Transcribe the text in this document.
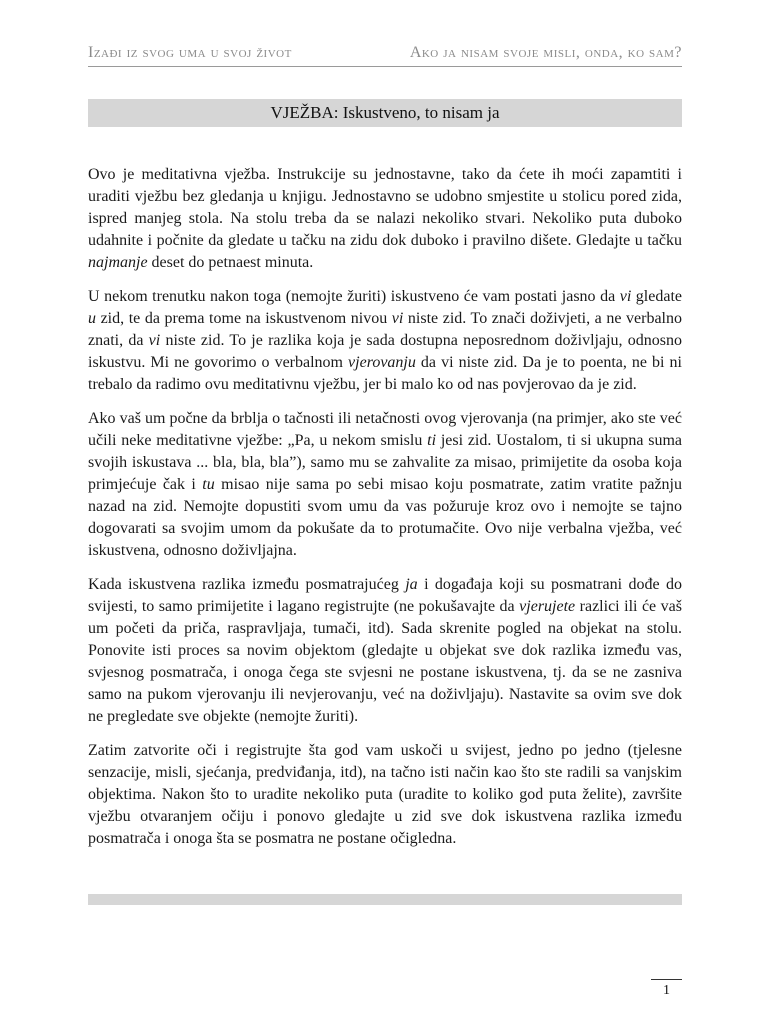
Izađi iz svog uma u svoj život	Ako ja nisam svoje misli, onda, ko sam?
VJEŽBA: Iskustveno, to nisam ja

Ovo je meditativna vježba. Instrukcije su jednostavne, tako da ćete ih moći zapamtiti i uraditi vježbu bez gledanja u knjigu. Jednostavno se udobno smjestite u stolicu pored zida, ispred manjeg stola. Na stolu treba da se nalazi nekoliko stvari. Nekoliko puta duboko udahnite i počnite da gledate u tačku na zidu dok duboko i pravilno dišete. Gledajte u tačku najmanje deset do petnaest minuta.

U nekom trenutku nakon toga (nemojte žuriti) iskustveno će vam postati jasno da vi gledate u zid, te da prema tome na iskustvenom nivou vi niste zid. To znači doživjeti, a ne verbalno znati, da vi niste zid. To je razlika koja je sada dostupna neposrednom doživljaju, odnosno iskustvu. Mi ne govorimo o verbalnom vjerovanju da vi niste zid. Da je to poenta, ne bi ni trebalo da radimo ovu meditativnu vježbu, jer bi malo ko od nas povjerovao da je zid.

Ako vaš um počne da brblja o tačnosti ili netačnosti ovog vjerovanja (na primjer, ako ste već učili neke meditativne vježbe: „Pa, u nekom smislu ti jesi zid. Uostalom, ti si ukupna suma svojih iskustava ... bla, bla, bla”), samo mu se zahvalite za misao, primijetite da osoba koja primjećuje čak i tu misao nije sama po sebi misao koju posmatrate, zatim vratite pažnju nazad na zid. Nemojte dopustiti svom umu da vas požuruje kroz ovo i nemojte se tajno dogovarati sa svojim umom da pokušate da to protumačite. Ovo nije verbalna vježba, već iskustvena, odnosno doživljajna.

Kada iskustvena razlika između posmatrajućeg ja i događaja koji su posmatrani dođe do svijesti, to samo primijetite i lagano registrujte (ne pokušavajte da vjerujete razlici ili će vaš um početi da priča, raspravljaja, tumači, itd). Sada skrenite pogled na objekat na stolu. Ponovite isti proces sa novim objektom (gledajte u objekat sve dok razlika između vas, svjesnog posmatrača, i onoga čega ste svjesni ne postane iskustvena, tj. da se ne zasniva samo na pukom vjerovanju ili nevjerovanju, već na doživljaju). Nastavite sa ovim sve dok ne pregledate sve objekte (nemojte žuriti).

Zatim zatvorite oči i registrujte šta god vam uskoči u svijest, jedno po jedno (tjelesne senzacije, misli, sjećanja, predviđanja, itd), na tačno isti način kao što ste radili sa vanjskim objektima. Nakon što to uradite nekoliko puta (uradite to koliko god puta želite), završite vježbu otvaranjem očiju i ponovo gledajte u zid sve dok iskustvena razlika između posmatrača i onoga šta se posmatra ne postane očigledna.

1
